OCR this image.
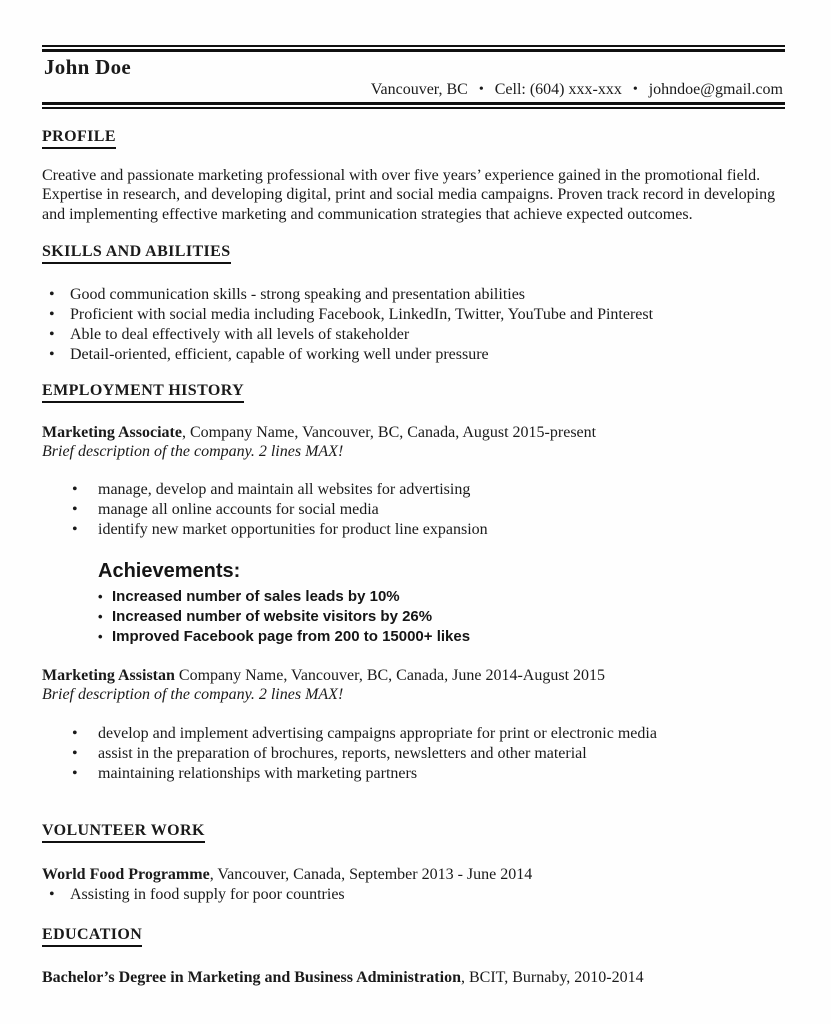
John Doe
Vancouver, BC • Cell: (604) xxx-xxx • johndoe@gmail.com
PROFILE

Creative and passionate marketing professional with over five years’ experience gained in the promotional field. Expertise in research, and developing digital, print and social media campaigns. Proven track record in developing and implementing effective marketing and communication strategies that achieve expected outcomes.

SKILLS AND ABILITIES
•
Good communication skills - strong speaking and presentation abilities
•
Proficient with social media including Facebook, LinkedIn, Twitter, YouTube and Pinterest
•
Able to deal effectively with all levels of stakeholder
•
Detail-oriented, efficient, capable of working well under pressure
EMPLOYMENT HISTORY

Marketing Associate, Company Name, Vancouver, BC, Canada, August 2015-present

Brief description of the company. 2 lines MAX!

•
manage, develop and maintain all websites for advertising
•
manage all online accounts for social media
•
identify new market opportunities for product line expansion
Achievements:
•
Increased number of sales leads by 10%
•
Increased number of website visitors by 26%
•
Improved Facebook page from 200 to 15000+ likes

Marketing Assistan Company Name, Vancouver, BC, Canada, June 2014-August 2015

Brief description of the company. 2 lines MAX!

•
develop and implement advertising campaigns appropriate for print or electronic media
•
assist in the preparation of brochures, reports, newsletters and other material
•
maintaining relationships with marketing partners
VOLUNTEER WORK

World Food Programme, Vancouver, Canada, September 2013 - June 2014

•
Assisting in food supply for poor countries
EDUCATION

Bachelor’s Degree in Marketing and Business Administration, BCIT, Burnaby, 2010-2014
